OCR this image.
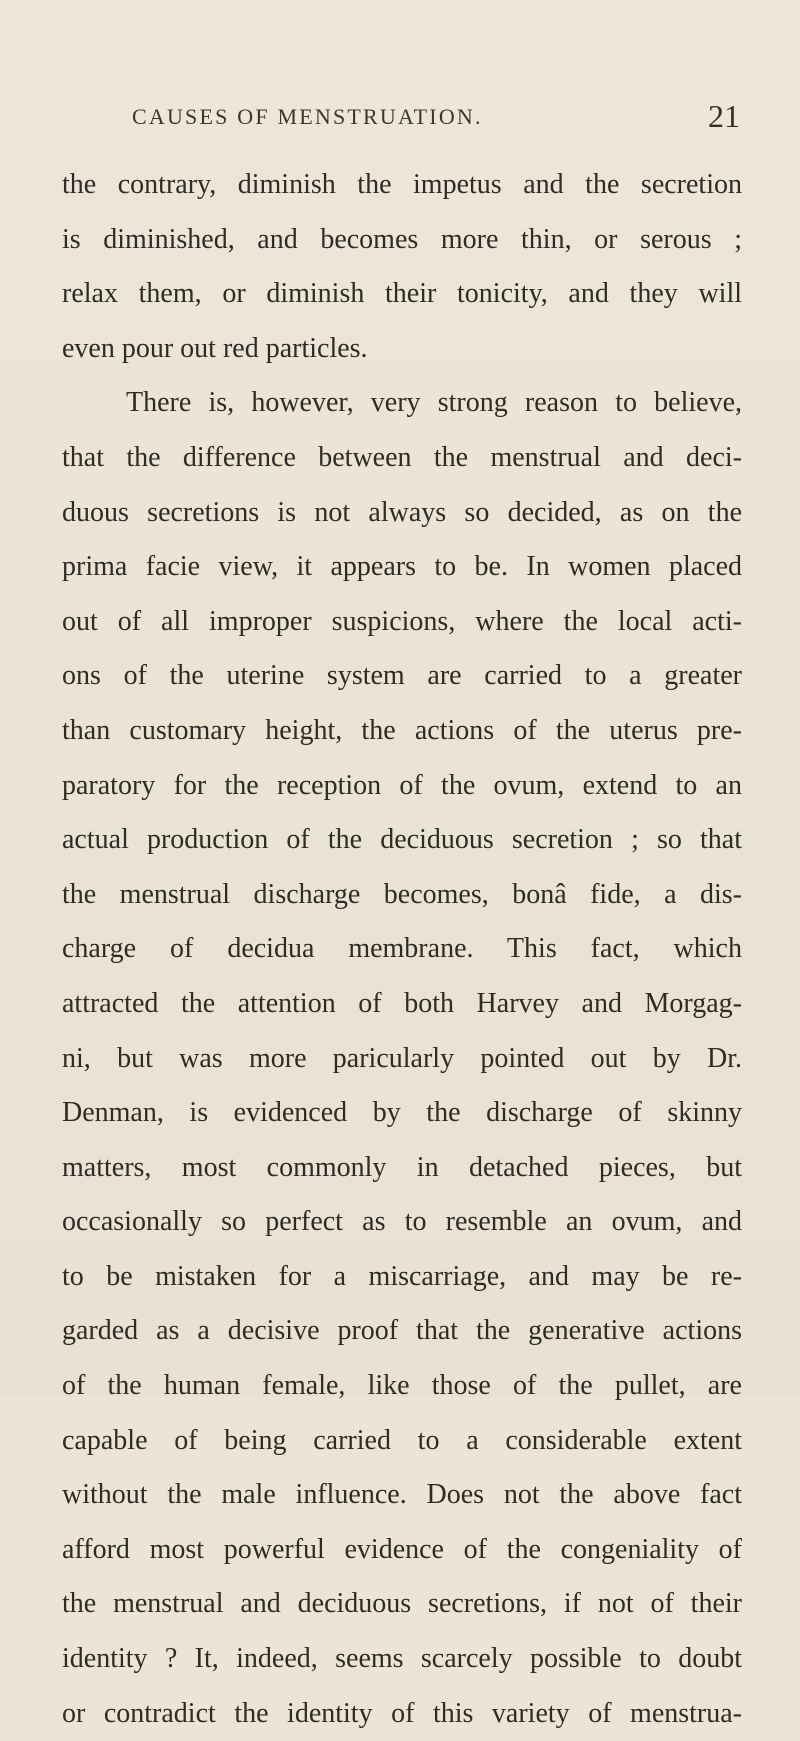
CAUSES OF MENSTRUATION.	21
the contrary, diminish the impetus and the secretion
is diminished, and becomes more thin, or serous ;
relax them, or diminish their tonicity, and they will
even pour out red particles.
There is, however, very strong reason to believe,
that the difference between the menstrual and deci-
duous secretions is not always so decided, as on the
prima facie view, it appears to be. In women placed
out of all improper suspicions, where the local acti-
ons of the uterine system are carried to a greater
than customary height, the actions of the uterus pre-
paratory for the reception of the ovum, extend to an
actual production of the deciduous secretion ; so that
the menstrual discharge becomes, bonâ fide, a dis-
charge of decidua membrane. This fact, which
attracted the attention of both Harvey and Morgag-
ni, but was more paricularly pointed out by Dr.
Denman, is evidenced by the discharge of skinny
matters, most commonly in detached pieces, but
occasionally so perfect as to resemble an ovum, and
to be mistaken for a miscarriage, and may be re-
garded as a decisive proof that the generative actions
of the human female, like those of the pullet, are
capable of being carried to a considerable extent
without the male influence. Does not the above fact
afford most powerful evidence of the congeniality of
the menstrual and deciduous secretions, if not of their
identity ? It, indeed, seems scarcely possible to doubt
or contradict the identity of this variety of menstrua-
